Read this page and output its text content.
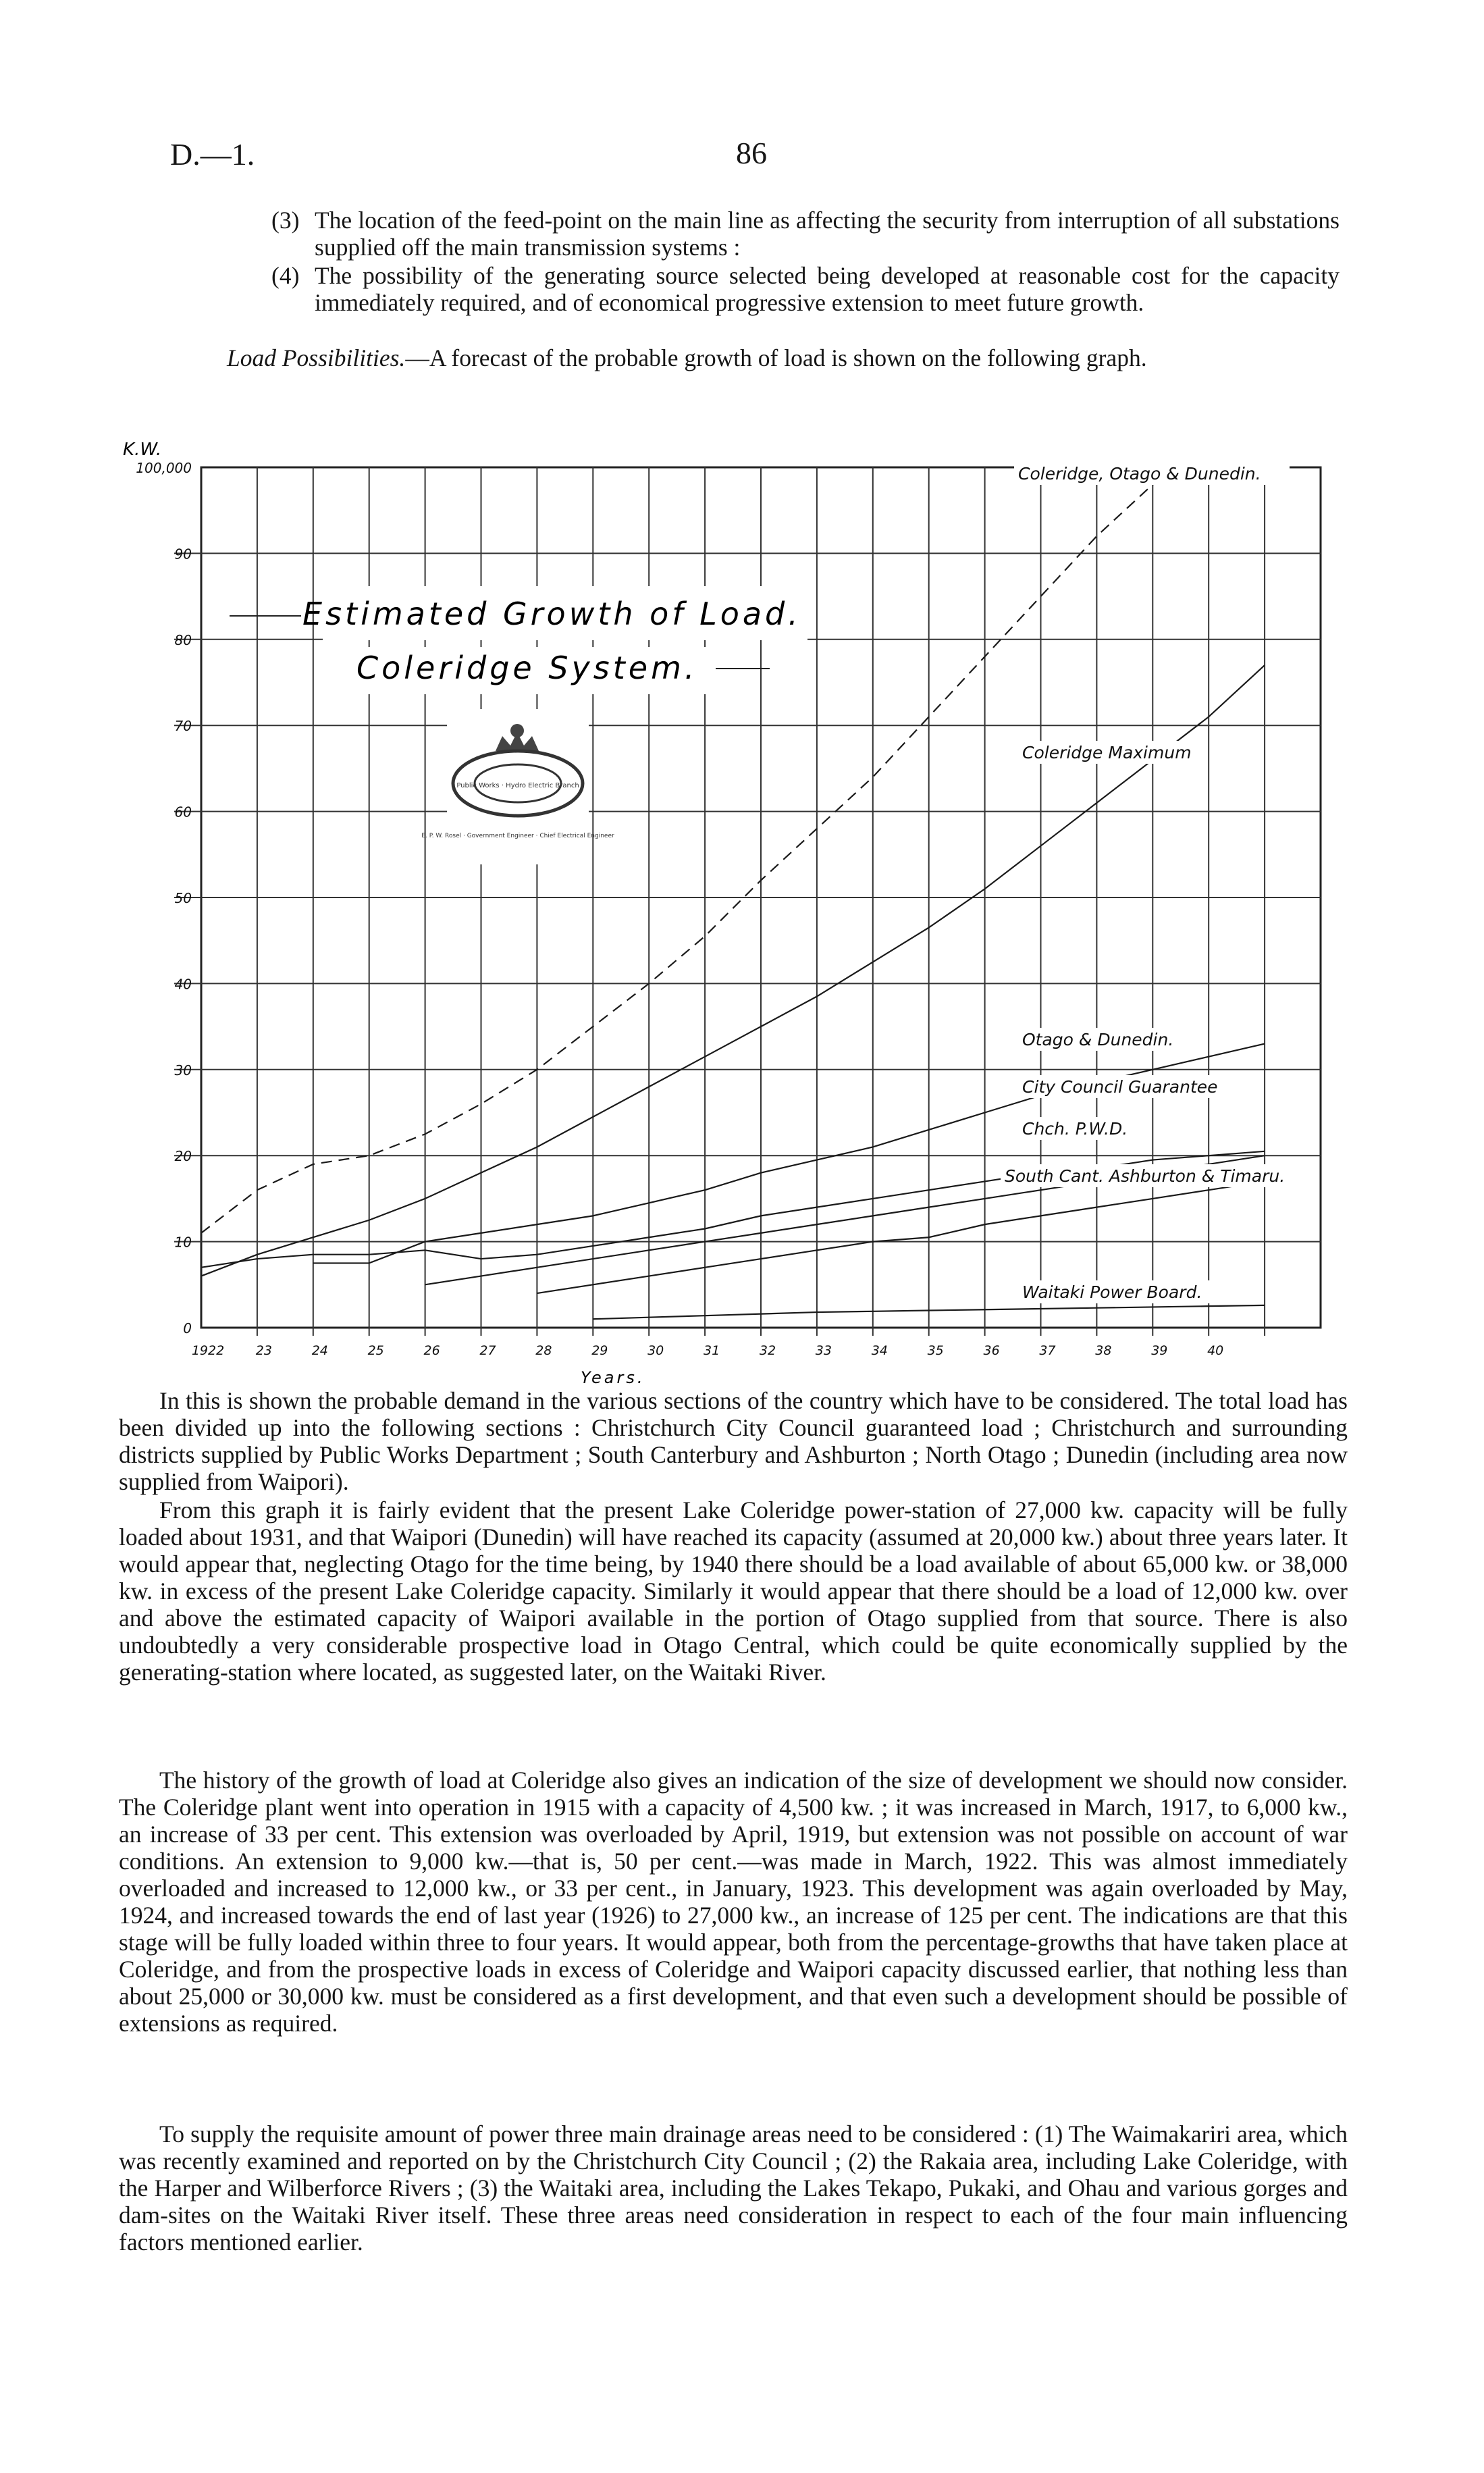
D.—1.	86
(3) The location of the feed-point on the main line as affecting the security from interruption of all substations supplied off the main transmission systems :
(4) The possibility of the generating source selected being developed at reasonable cost for the capacity immediately required, and of economical progressive extension to meet future growth.
Load Possibilities.—A forecast of the probable growth of load is shown on the following graph.
Coleridge, Otago & Dunedin.
Coleridge Maximum
Otago & Dunedin.
City Council Guarantee
Chch. P.W.D.
South Cant. Ashburton & Timaru.
Waitaki Power Board.
0
10
20
30
40
50
60
70
80
90
100,000
1922 23	24	25	26	27	28	29	30	31	32	33	34	35	36	37	38	39	40
K.W.
Years.
Estimated Growth of Load.
Coleridge System.
Public Works · Hydro Electric Branch
E. P. W. Rosel · Government Engineer · Chief Electrical Engineer
In this is shown the probable demand in the various sections of the country which have to be considered. The total load has been divided up into the following sections : Christchurch City Council guaranteed load ; Christchurch and surrounding districts supplied by Public Works Department ; South Canterbury and Ashburton ; North Otago ; Dunedin (including area now supplied from Waipori).
From this graph it is fairly evident that the present Lake Coleridge power-station of 27,000 kw. capacity will be fully loaded about 1931, and that Waipori (Dunedin) will have reached its capacity (assumed at 20,000 kw.) about three years later. It would appear that, neglecting Otago for the time being, by 1940 there should be a load available of about 65,000 kw. or 38,000 kw. in excess of the present Lake Coleridge capacity. Similarly it would appear that there should be a load of 12,000 kw. over and above the estimated capacity of Waipori available in the portion of Otago supplied from that source. There is also undoubtedly a very considerable prospective load in Otago Central, which could be quite economically supplied by the generating-station where located, as suggested later, on the Waitaki River.
The history of the growth of load at Coleridge also gives an indication of the size of development we should now consider. The Coleridge plant went into operation in 1915 with a capacity of 4,500 kw. ; it was increased in March, 1917, to 6,000 kw., an increase of 33 per cent. This extension was overloaded by April, 1919, but extension was not possible on account of war conditions. An extension to 9,000 kw.—that is, 50 per cent.—was made in March, 1922. This was almost immediately overloaded and increased to 12,000 kw., or 33 per cent., in January, 1923. This development was again overloaded by May, 1924, and increased towards the end of last year (1926) to 27,000 kw., an increase of 125 per cent. The indications are that this stage will be fully loaded within three to four years. It would appear, both from the percentage-growths that have taken place at Coleridge, and from the prospective loads in excess of Coleridge and Waipori capacity discussed earlier, that nothing less than about 25,000 or 30,000 kw. must be considered as a first development, and that even such a development should be possible of extensions as required.
To supply the requisite amount of power three main drainage areas need to be considered : (1) The Waimakariri area, which was recently examined and reported on by the Christchurch City Council ; (2) the Rakaia area, including Lake Coleridge, with the Harper and Wilberforce Rivers ; (3) the Waitaki area, including the Lakes Tekapo, Pukaki, and Ohau and various gorges and dam-sites on the Waitaki River itself. These three areas need consideration in respect to each of the four main influencing factors mentioned earlier.
